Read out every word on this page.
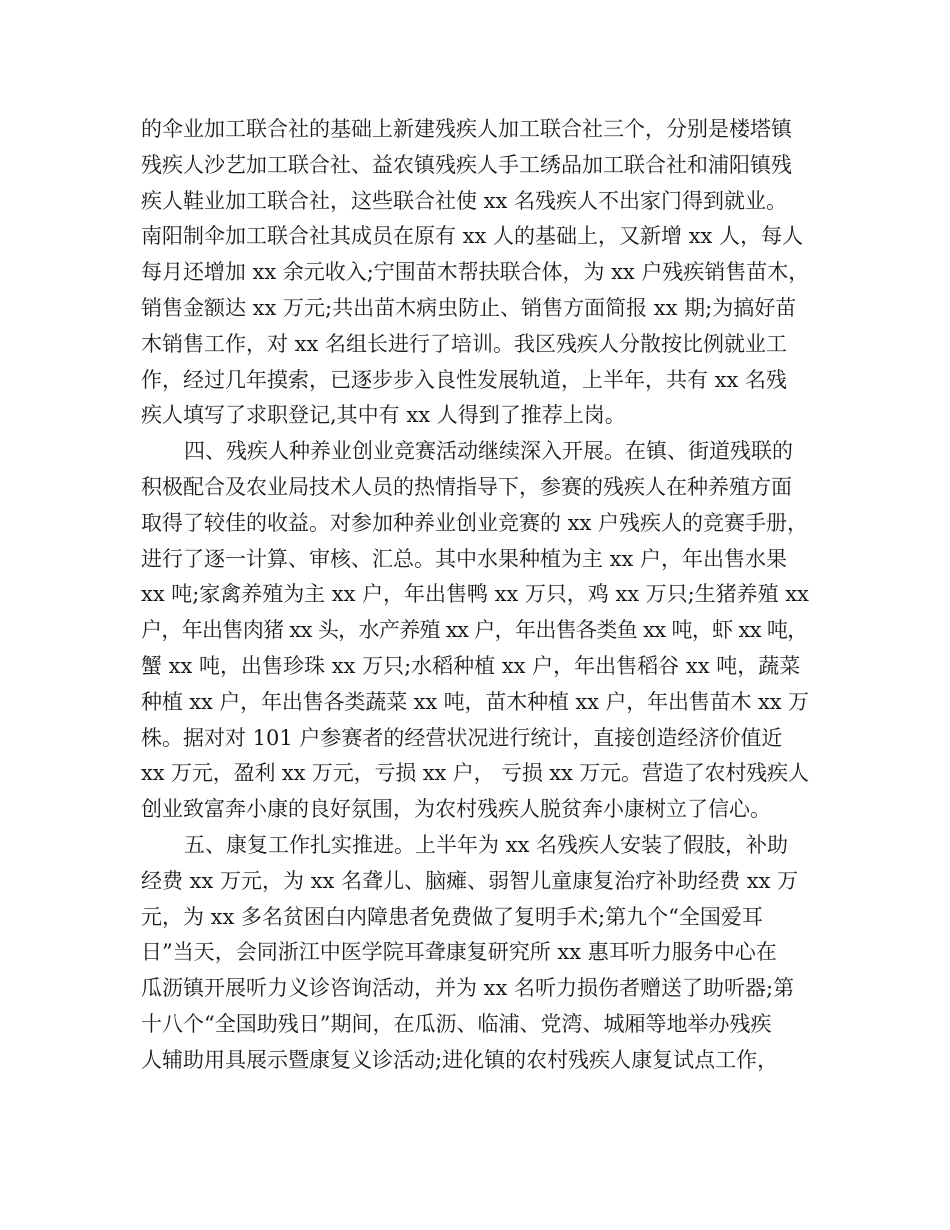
的伞业加工联合社的基础上新建残疾人加工联合社三个，分别是楼塔镇
残疾人沙艺加工联合社、益农镇残疾人手工绣品加工联合社和浦阳镇残
疾人鞋业加工联合社，这些联合社使 xx 名残疾人不出家门得到就业。
南阳制伞加工联合社其成员在原有 xx 人的基础上，又新增 xx 人，每人
每月还增加 xx 余元收入;宁围苗木帮扶联合体，为 xx 户残疾销售苗木，
销售金额达 xx 万元;共出苗木病虫防止、销售方面简报 xx 期;为搞好苗
木销售工作，对 xx 名组长进行了培训。我区残疾人分散按比例就业工
作，经过几年摸索，已逐步步入良性发展轨道，上半年，共有 xx 名残
疾人填写了求职登记,其中有 xx 人得到了推荐上岗。
四、残疾人种养业创业竞赛活动继续深入开展。在镇、街道残联的
积极配合及农业局技术人员的热情指导下，参赛的残疾人在种养殖方面
取得了较佳的收益。对参加种养业创业竞赛的 xx 户残疾人的竞赛手册，
进行了逐一计算、审核、汇总。其中水果种植为主 xx 户，年出售水果
xx 吨;家禽养殖为主 xx 户，年出售鸭 xx 万只，鸡 xx 万只;生猪养殖 xx
户，年出售肉猪 xx 头，水产养殖 xx 户，年出售各类鱼 xx 吨，虾 xx 吨，
蟹 xx 吨，出售珍珠 xx 万只;水稻种植 xx 户，年出售稻谷 xx 吨，蔬菜
种植 xx 户，年出售各类蔬菜 xx 吨，苗木种植 xx 户，年出售苗木 xx 万
株。据对对 101 户参赛者的经营状况进行统计，直接创造经济价值近
xx 万元，盈利 xx 万元，亏损 xx 户， 亏损 xx 万元。营造了农村残疾人
创业致富奔小康的良好氛围，为农村残疾人脱贫奔小康树立了信心。
五、康复工作扎实推进。上半年为 xx 名残疾人安装了假肢，补助
经费 xx 万元，为 xx 名聋儿、脑瘫、弱智儿童康复治疗补助经费 xx 万
元，为 xx 多名贫困白内障患者免费做了复明手术;第九个“全国爱耳
日”当天，会同浙江中医学院耳聋康复研究所 xx 惠耳听力服务中心在
瓜沥镇开展听力义诊咨询活动，并为 xx 名听力损伤者赠送了助听器;第
十八个“全国助残日”期间，在瓜沥、临浦、党湾、城厢等地举办残疾
人辅助用具展示暨康复义诊活动;进化镇的农村残疾人康复试点工作，
